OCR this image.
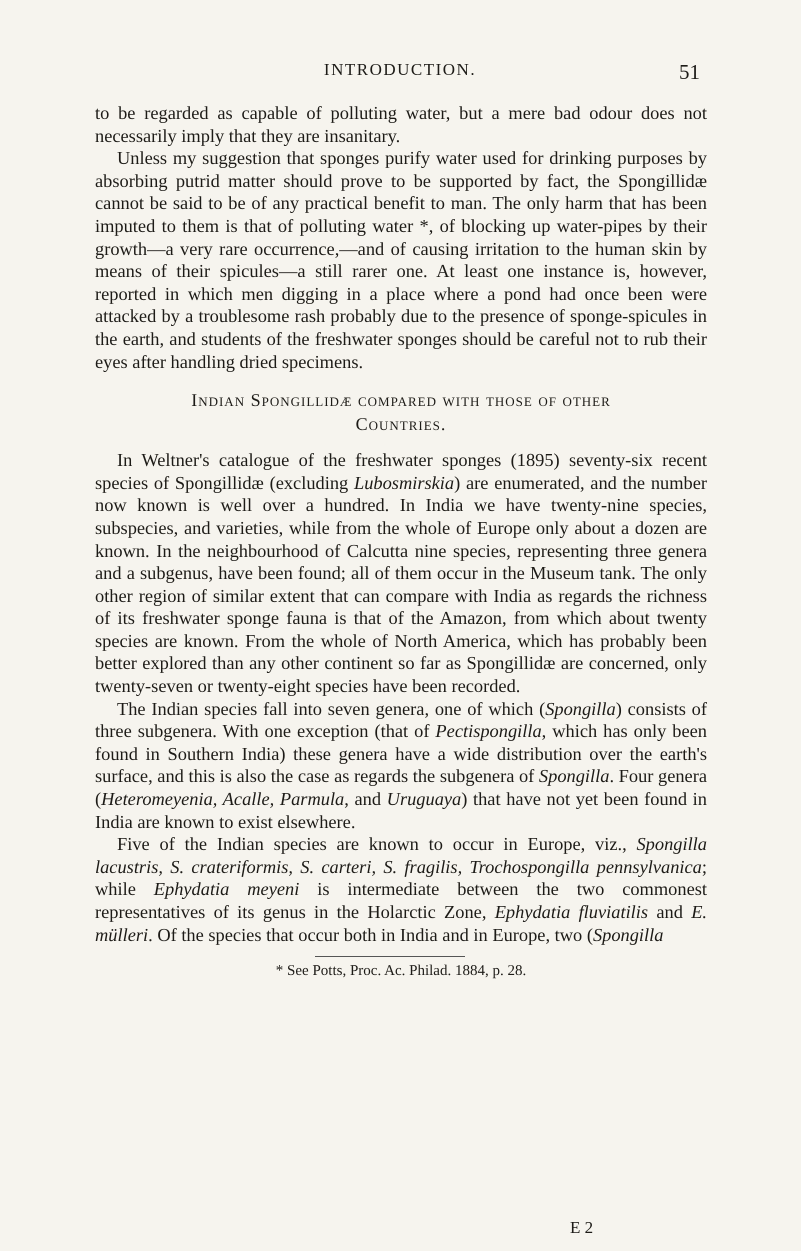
INTRODUCTION.	51

to be regarded as capable of polluting water, but a mere bad odour does not necessarily imply that they are insanitary.

Unless my suggestion that sponges purify water used for drinking purposes by absorbing putrid matter should prove to be supported by fact, the Spongillidæ cannot be said to be of any practical benefit to man. The only harm that has been imputed to them is that of polluting water *, of blocking up water-pipes by their growth—a very rare occurrence,—and of causing irritation to the human skin by means of their spicules—a still rarer one. At least one instance is, however, reported in which men digging in a place where a pond had once been were attacked by a troublesome rash probably due to the presence of sponge-spicules in the earth, and students of the freshwater sponges should be careful not to rub their eyes after handling dried specimens.

Indian Spongillidæ compared with those of other
Countries.

In Weltner's catalogue of the freshwater sponges (1895) seventy-six recent species of Spongillidæ (excluding Lubosmirskia) are enumerated, and the number now known is well over a hundred. In India we have twenty-nine species, subspecies, and varieties, while from the whole of Europe only about a dozen are known. In the neighbourhood of Calcutta nine species, representing three genera and a subgenus, have been found; all of them occur in the Museum tank. The only other region of similar extent that can compare with India as regards the richness of its freshwater sponge fauna is that of the Amazon, from which about twenty species are known. From the whole of North America, which has probably been better explored than any other continent so far as Spongillidæ are concerned, only twenty-seven or twenty-eight species have been recorded.

The Indian species fall into seven genera, one of which (Spongilla) consists of three subgenera. With one exception (that of Pectispongilla, which has only been found in Southern India) these genera have a wide distribution over the earth's surface, and this is also the case as regards the subgenera of Spongilla. Four genera (Heteromeyenia, Acalle, Parmula, and Uruguaya) that have not yet been found in India are known to exist elsewhere.

Five of the Indian species are known to occur in Europe, viz., Spongilla lacustris, S. crateriformis, S. carteri, S. fragilis, Trochospongilla pennsylvanica; while Ephydatia meyeni is intermediate between the two commonest representatives of its genus in the Holarctic Zone, Ephydatia fluviatilis and E. mülleri. Of the species that occur both in India and in Europe, two (Spongilla

* See Potts, Proc. Ac. Philad. 1884, p. 28.
E 2
